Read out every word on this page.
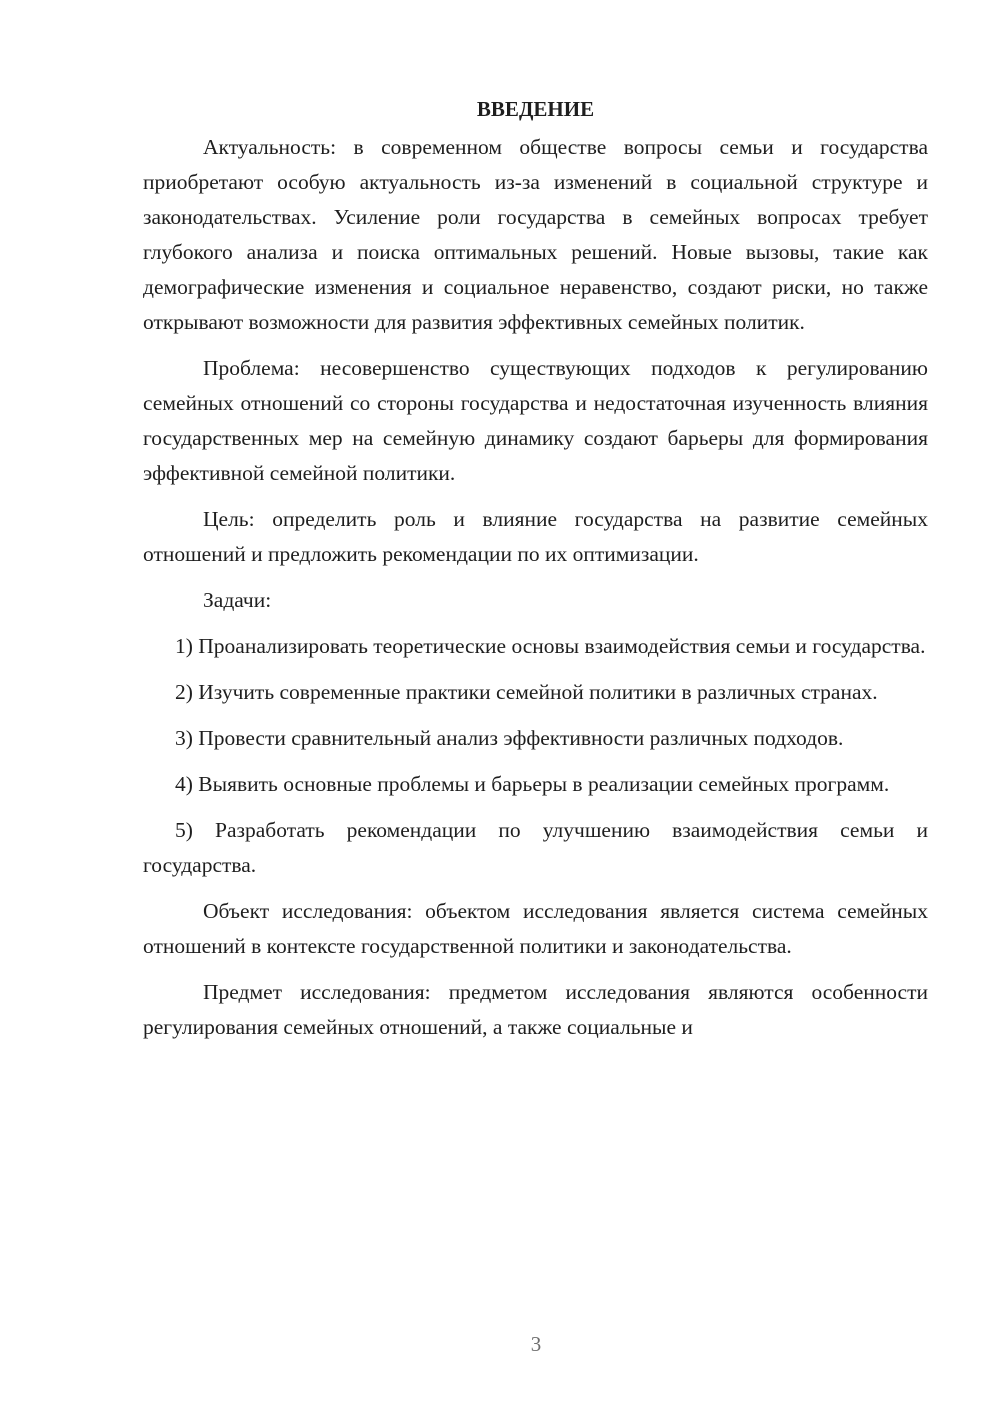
ВВЕДЕНИЕ

Актуальность: в современном обществе вопросы семьи и государства приобретают особую актуальность из-за изменений в социальной структуре и законодательствах. Усиление роли государства в семейных вопросах требует глубокого анализа и поиска оптимальных решений. Новые вызовы, такие как демографические изменения и социальное неравенство, создают риски, но также открывают возможности для развития эффективных семейных политик.

Проблема: несовершенство существующих подходов к регулированию семейных отношений со стороны государства и недостаточная изученность влияния государственных мер на семейную динамику создают барьеры для формирования эффективной семейной политики.

Цель: определить роль и влияние государства на развитие семейных отношений и предложить рекомендации по их оптимизации.

Задачи:

1) Проанализировать теоретические основы взаимодействия семьи и государства.

2) Изучить современные практики семейной политики в различных странах.

3) Провести сравнительный анализ эффективности различных подходов.

4) Выявить основные проблемы и барьеры в реализации семейных программ.

5) Разработать рекомендации по улучшению взаимодействия семьи и государства.

Объект исследования: объектом исследования является система семейных отношений в контексте государственной политики и законодательства.

Предмет исследования: предметом исследования являются особенности регулирования семейных отношений, а также социальные и

3
